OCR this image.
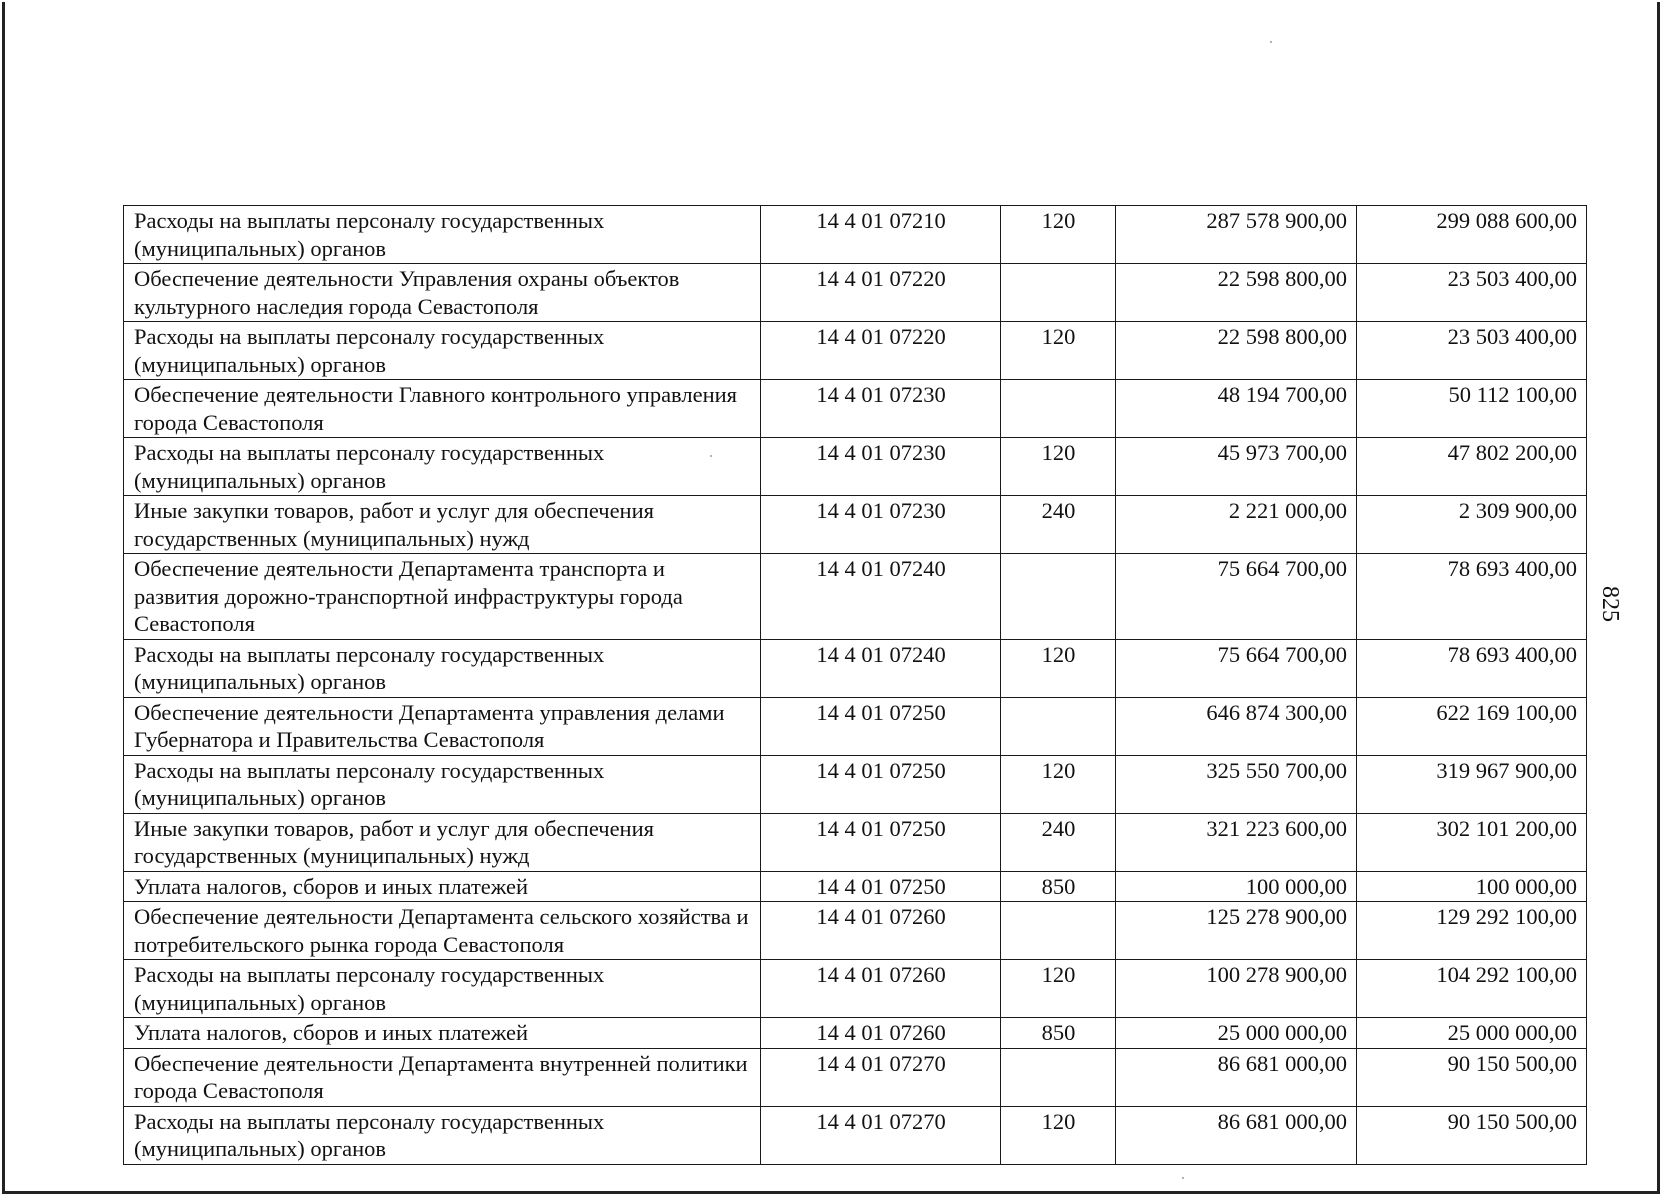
Расходы на выплаты персоналу государственных (муниципальных) органов	14 4 01 07210	120	287 578 900,00	299 088 600,00
Обеспечение деятельности Управления охраны объектов культурного наследия города Севастополя	14 4 01 07220		22 598 800,00	23 503 400,00
Расходы на выплаты персоналу государственных (муниципальных) органов	14 4 01 07220	120	22 598 800,00	23 503 400,00
Обеспечение деятельности Главного контрольного управления города Севастополя	14 4 01 07230		48 194 700,00	50 112 100,00
Расходы на выплаты персоналу государственных (муниципальных) органов	14 4 01 07230	120	45 973 700,00	47 802 200,00
Иные закупки товаров, работ и услуг для обеспечения государственных (муниципальных) нужд	14 4 01 07230	240	2 221 000,00	2 309 900,00
Обеспечение деятельности Департамента транспорта и развития дорожно-транспортной инфраструктуры города Севастополя	14 4 01 07240		75 664 700,00	78 693 400,00
Расходы на выплаты персоналу государственных (муниципальных) органов	14 4 01 07240	120	75 664 700,00	78 693 400,00
Обеспечение деятельности Департамента управления делами Губернатора и Правительства Севастополя	14 4 01 07250		646 874 300,00	622 169 100,00
Расходы на выплаты персоналу государственных (муниципальных) органов	14 4 01 07250	120	325 550 700,00	319 967 900,00
Иные закупки товаров, работ и услуг для обеспечения государственных (муниципальных) нужд	14 4 01 07250	240	321 223 600,00	302 101 200,00
Уплата налогов, сборов и иных платежей	14 4 01 07250	850	100 000,00	100 000,00
Обеспечение деятельности Департамента сельского хозяйства и потребительского рынка города Севастополя	14 4 01 07260		125 278 900,00	129 292 100,00
Расходы на выплаты персоналу государственных (муниципальных) органов	14 4 01 07260	120	100 278 900,00	104 292 100,00
Уплата налогов, сборов и иных платежей	14 4 01 07260	850	25 000 000,00	25 000 000,00
Обеспечение деятельности Департамента внутренней политики города Севастополя	14 4 01 07270		86 681 000,00	90 150 500,00
Расходы на выплаты персоналу государственных (муниципальных) органов	14 4 01 07270	120	86 681 000,00	90 150 500,00
825
